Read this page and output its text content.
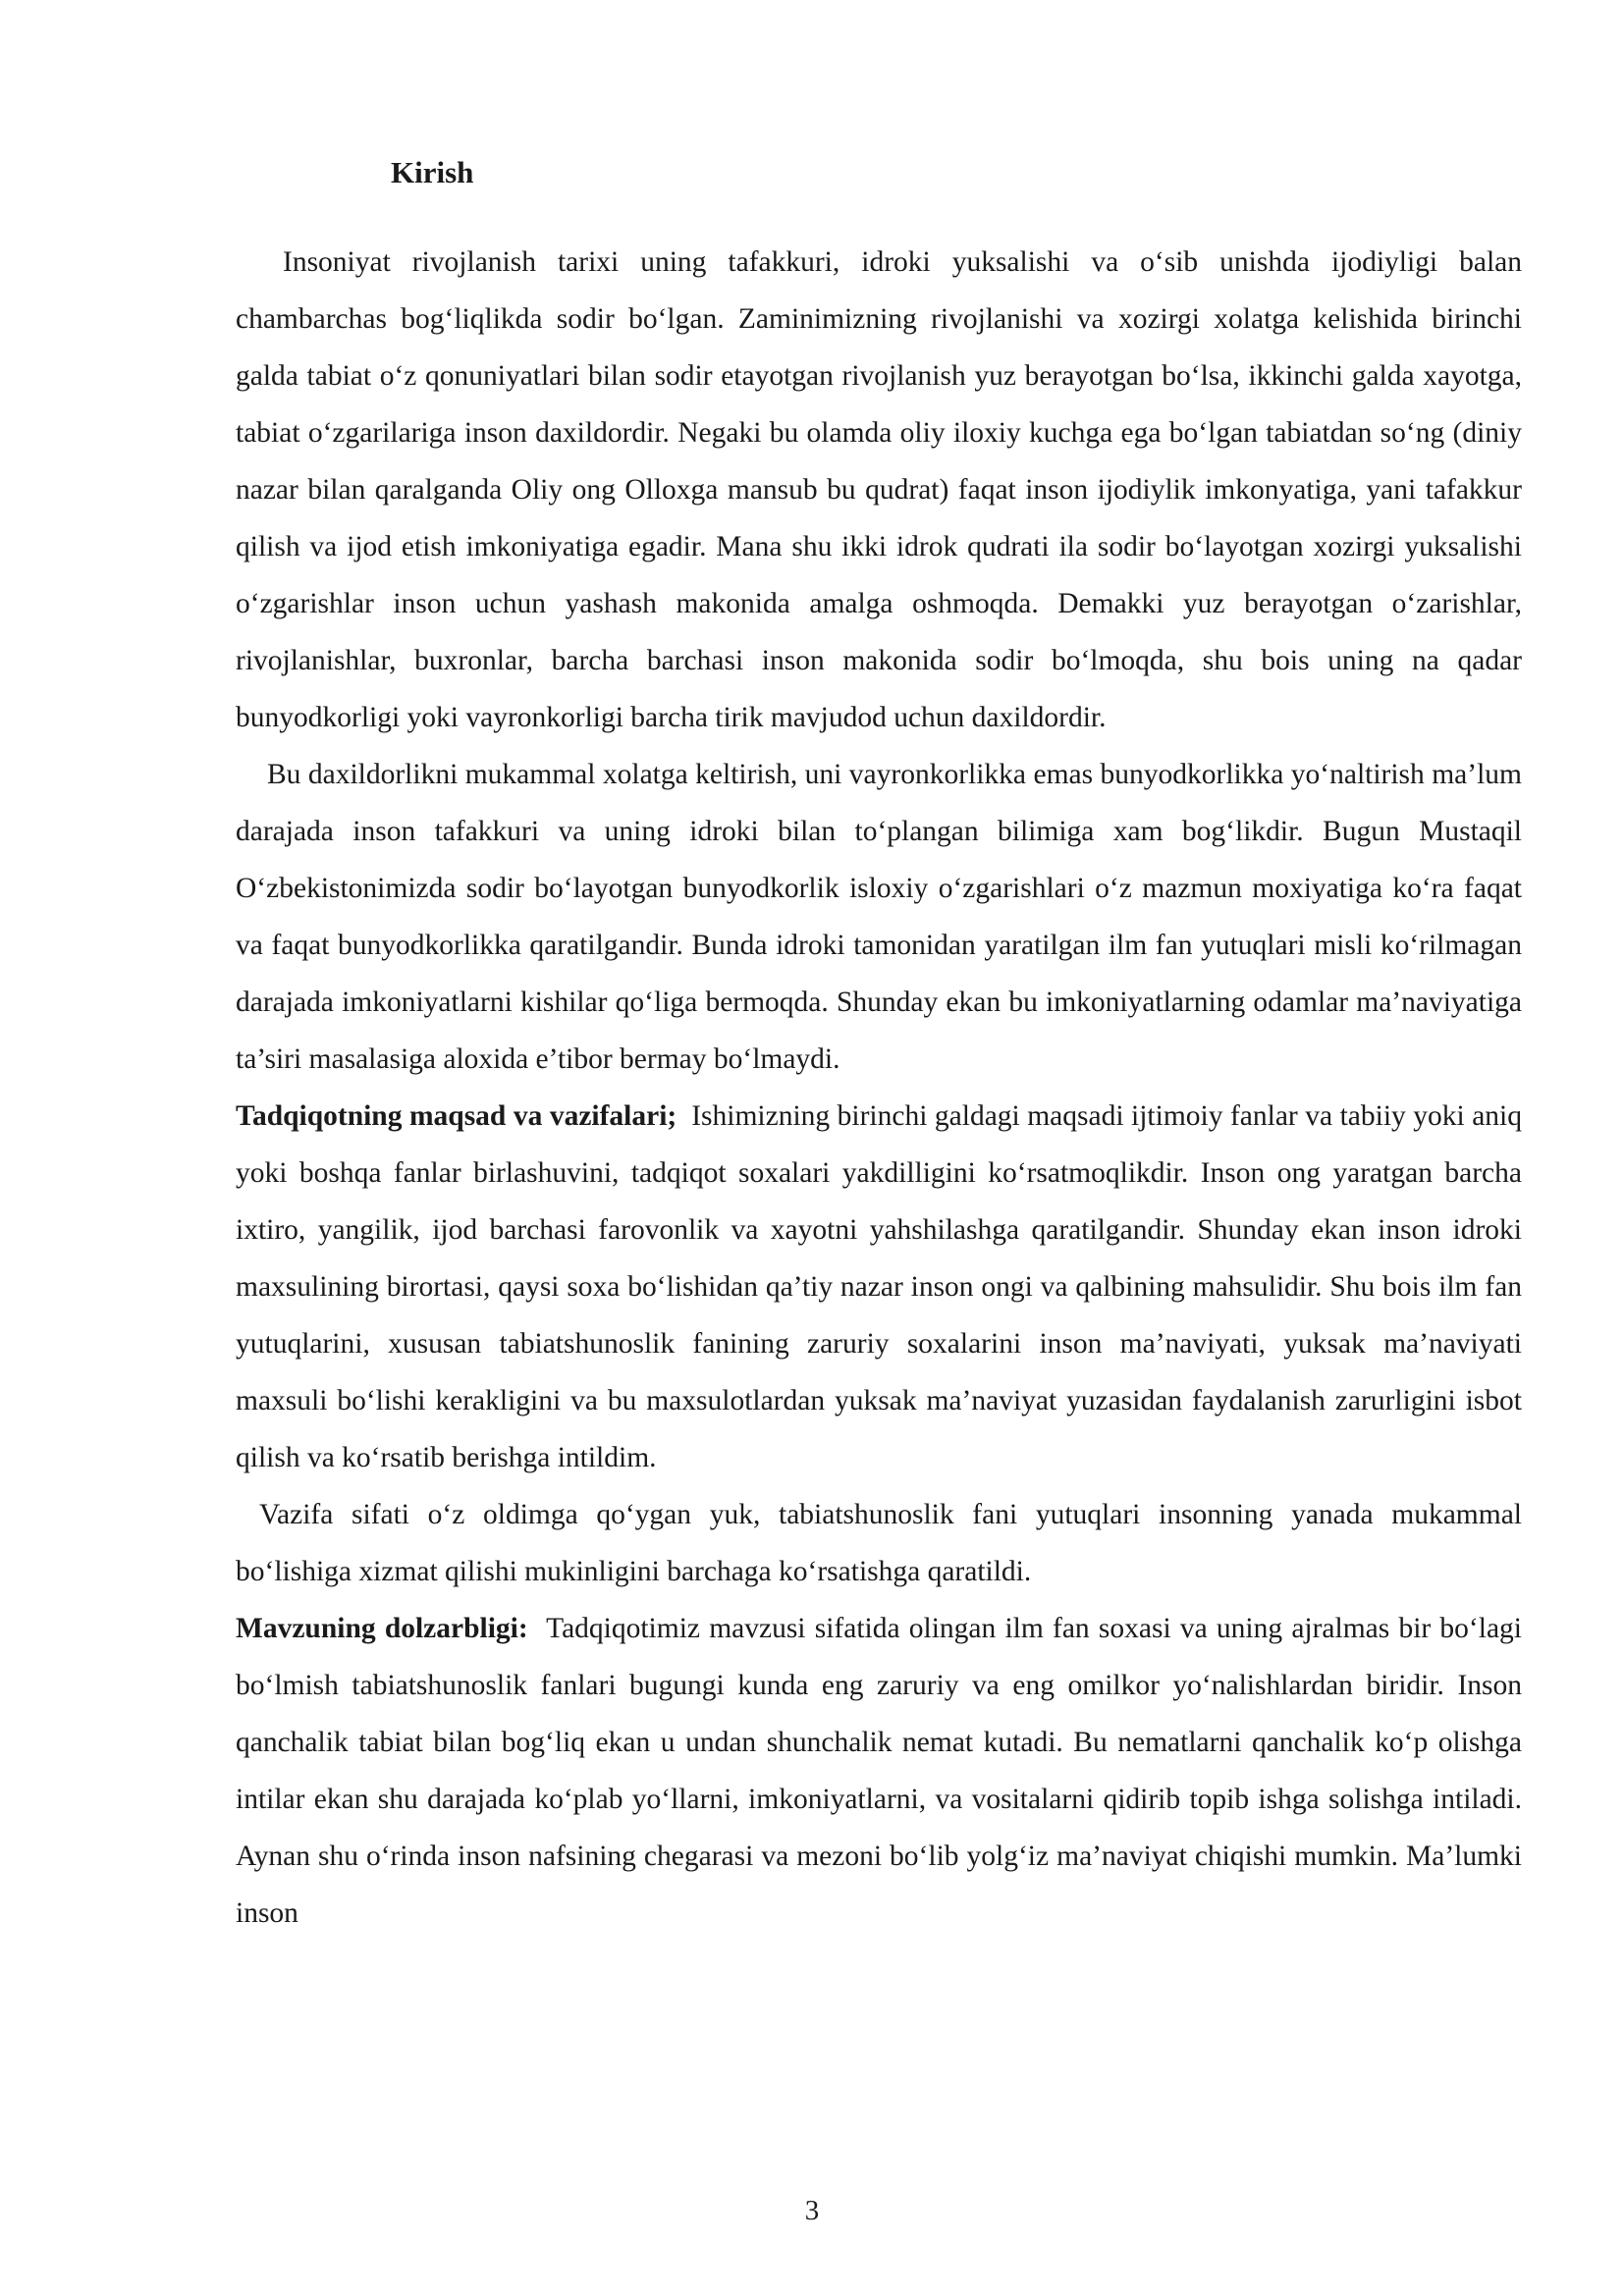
Kirish

Insoniyat rivojlanish tarixi uning tafakkuri, idroki yuksalishi va o‘sib unishda ijodiyligi balan chambarchas bog‘liqlikda sodir bo‘lgan. Zaminimizning rivojlanishi va xozirgi xolatga kelishida birinchi galda tabiat o‘z qonuniyatlari bilan sodir etayotgan rivojlanish yuz berayotgan bo‘lsa, ikkinchi galda xayotga, tabiat o‘zgarilariga inson daxildordir. Negaki bu olamda oliy iloxiy kuchga ega bo‘lgan tabiatdan so‘ng (diniy nazar bilan qaralganda Oliy ong Olloxga mansub bu qudrat) faqat inson ijodiylik imkonyatiga, yani tafakkur qilish va ijod etish imkoniyatiga egadir. Mana shu ikki idrok qudrati ila sodir bo‘layotgan xozirgi yuksalishi o‘zgarishlar inson uchun yashash makonida amalga oshmoqda. Demakki yuz berayotgan o‘zarishlar, rivojlanishlar, buxronlar, barcha barchasi inson makonida sodir bo‘lmoqda, shu bois uning na qadar bunyodkorligi yoki vayronkorligi barcha tirik mavjudod uchun daxildordir.

Bu daxildorlikni mukammal xolatga keltirish, uni vayronkorlikka emas bunyodkorlikka yo‘naltirish ma’lum darajada inson tafakkuri va uning idroki bilan to‘plangan bilimiga xam bog‘likdir. Bugun Mustaqil O‘zbekistonimizda sodir bo‘layotgan bunyodkorlik isloxiy o‘zgarishlari o‘z mazmun moxiyatiga ko‘ra faqat va faqat bunyodkorlikka qaratilgandir. Bunda idroki tamonidan yaratilgan ilm fan yutuqlari misli ko‘rilmagan darajada imkoniyatlarni kishilar qo‘liga bermoqda. Shunday ekan bu imkoniyatlarning odamlar ma’naviyatiga ta’siri masalasiga aloxida e’tibor bermay bo‘lmaydi.

Tadqiqotning maqsad va vazifalari;  Ishimizning birinchi galdagi maqsadi ijtimoiy fanlar va tabiiy yoki aniq yoki boshqa fanlar birlashuvini, tadqiqot soxalari yakdilligini ko‘rsatmoqlikdir. Inson ong yaratgan barcha ixtiro, yangilik, ijod barchasi farovonlik va xayotni yahshilashga qaratilgandir. Shunday ekan inson idroki maxsulining birortasi, qaysi soxa bo‘lishidan qa’tiy nazar inson ongi va qalbining mahsulidir. Shu bois ilm fan yutuqlarini, xususan tabiatshunoslik fanining zaruriy soxalarini inson ma’naviyati, yuksak ma’naviyati maxsuli bo‘lishi kerakligini va bu maxsulotlardan yuksak ma’naviyat yuzasidan faydalanish zarurligini isbot qilish va ko‘rsatib berishga intildim.

Vazifa sifati o‘z oldimga qo‘ygan yuk, tabiatshunoslik fani yutuqlari insonning yanada mukammal bo‘lishiga xizmat qilishi mukinligini barchaga ko‘rsatishga qaratildi.

Mavzuning dolzarbligi:  Tadqiqotimiz mavzusi sifatida olingan ilm fan soxasi va uning ajralmas bir bo‘lagi bo‘lmish tabiatshunoslik fanlari bugungi kunda eng zaruriy va eng omilkor yo‘nalishlardan biridir. Inson qanchalik tabiat bilan bog‘liq ekan u undan shunchalik nemat kutadi. Bu nematlarni qanchalik ko‘p olishga intilar ekan shu darajada ko‘plab yo‘llarni, imkoniyatlarni, va vositalarni qidirib topib ishga solishga intiladi. Aynan shu o‘rinda inson nafsining chegarasi va mezoni bo‘lib yolg‘iz ma’naviyat chiqishi mumkin. Ma’lumki inson

3
